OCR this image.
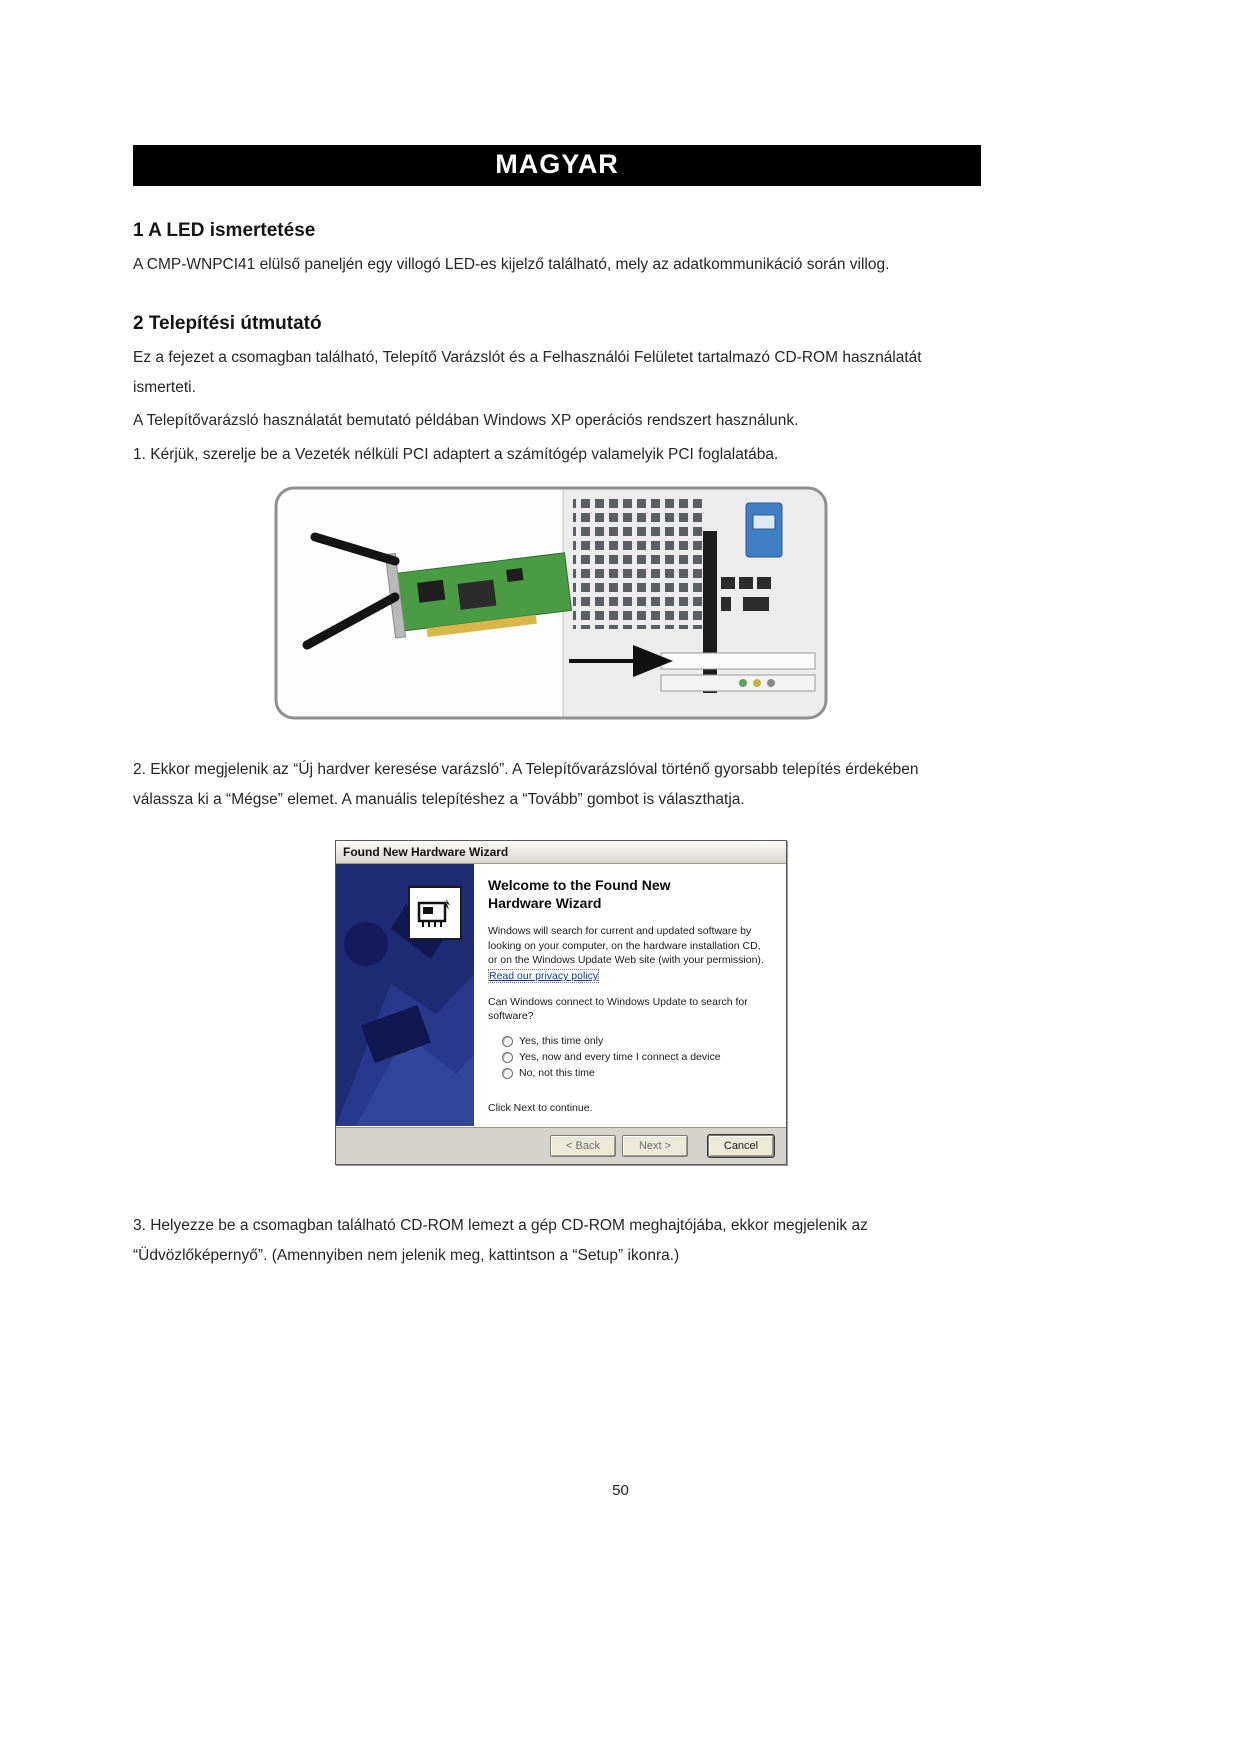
MAGYAR
1 A LED ismertetése

A CMP-WNPCI41 elülső paneljén egy villogó LED-es kijelző található, mely az adatkommunikáció során villog.

2 Telepítési útmutató

Ez a fejezet a csomagban található, Telepítő Varázslót és a Felhasználói Felületet tartalmazó CD-ROM használatát ismerteti.

A Telepítővarázsló használatát bemutató példában Windows XP operációs rendszert használunk.

1. Kérjük, szerelje be a Vezeték nélküli PCI adaptert a számítógép valamelyik PCI foglalatába.

2. Ekkor megjelenik az “Új hardver keresése varázsló”. A Telepítővarázslóval történő gyorsabb telepítés érdekében válassza ki a “Mégse” elemet. A manuális telepítéshez a “Tovább” gombot is választhatja.

Found New Hardware Wizard
Welcome to the Found New Hardware Wizard

Windows will search for current and updated software by looking on your computer, on the hardware installation CD, or on the Windows Update Web site (with your permission).

Read our privacy policy

Can Windows connect to Windows Update to search for software?

Yes, this time only
Yes, now and every time I connect a device
No, not this time

Click Next to continue.

< Back	Next >	Cancel

3. Helyezze be a csomagban található CD-ROM lemezt a gép CD-ROM meghajtójába, ekkor megjelenik az “Üdvözlőképernyő”. (Amennyiben nem jelenik meg, kattintson a “Setup” ikonra.)

50
